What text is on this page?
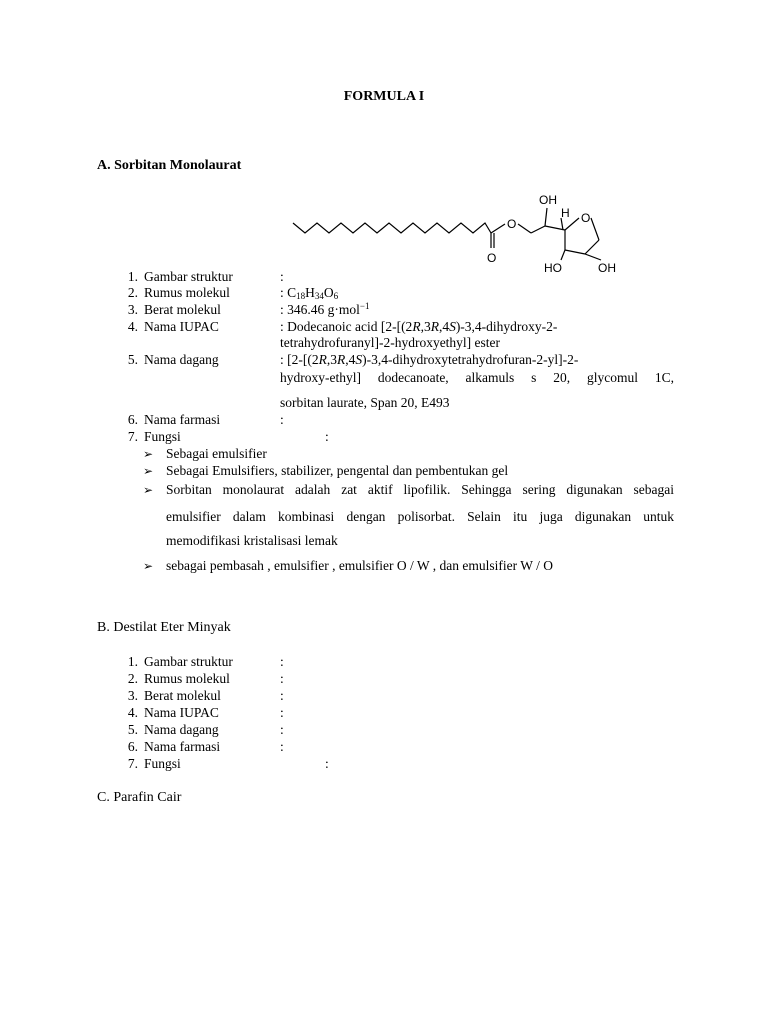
FORMULA I
A. Sorbitan Monolaurat
O
O
OH
H O
HO	OH
1. Gambar struktur	:
2. Rumus molekul	: $C_{18}H_{34}O_6$
3. Berat molekul	: 346.46 g·mol$^{-1}$
4. Nama IUPAC	: Dodecanoic acid [2-[(2R,3R,4S)-3,4-dihydroxy-2-
tetrahydrofuranyl]-2-hydroxyethyl] ester
5. Nama dagang	: [2-[(2R,3R,4S)-3,4-dihydroxytetrahydrofuran-2-yl]-2-
hydroxy-ethyl] dodecanoate, alkamuls s 20, glycomul 1C,
sorbitan laurate, Span 20, E493
6. Nama farmasi	:
7. Fungsi	:
➢ Sebagai emulsifier
➢ Sebagai Emulsifiers, stabilizer, pengental dan pembentukan gel
➢ Sorbitan monolaurat adalah zat aktif lipofilik. Sehingga sering digunakan sebagai
emulsifier dalam kombinasi dengan polisorbat. Selain itu juga digunakan untuk
memodifikasi kristalisasi lemak
➢ sebagai pembasah , emulsifier , emulsifier O / W , dan emulsifier W / O
B. Destilat Eter Minyak
1. Gambar struktur	:
2. Rumus molekul	:
3. Berat molekul	:
4. Nama IUPAC	:
5. Nama dagang	:
6. Nama farmasi	:
7. Fungsi	:
C. Parafin Cair
